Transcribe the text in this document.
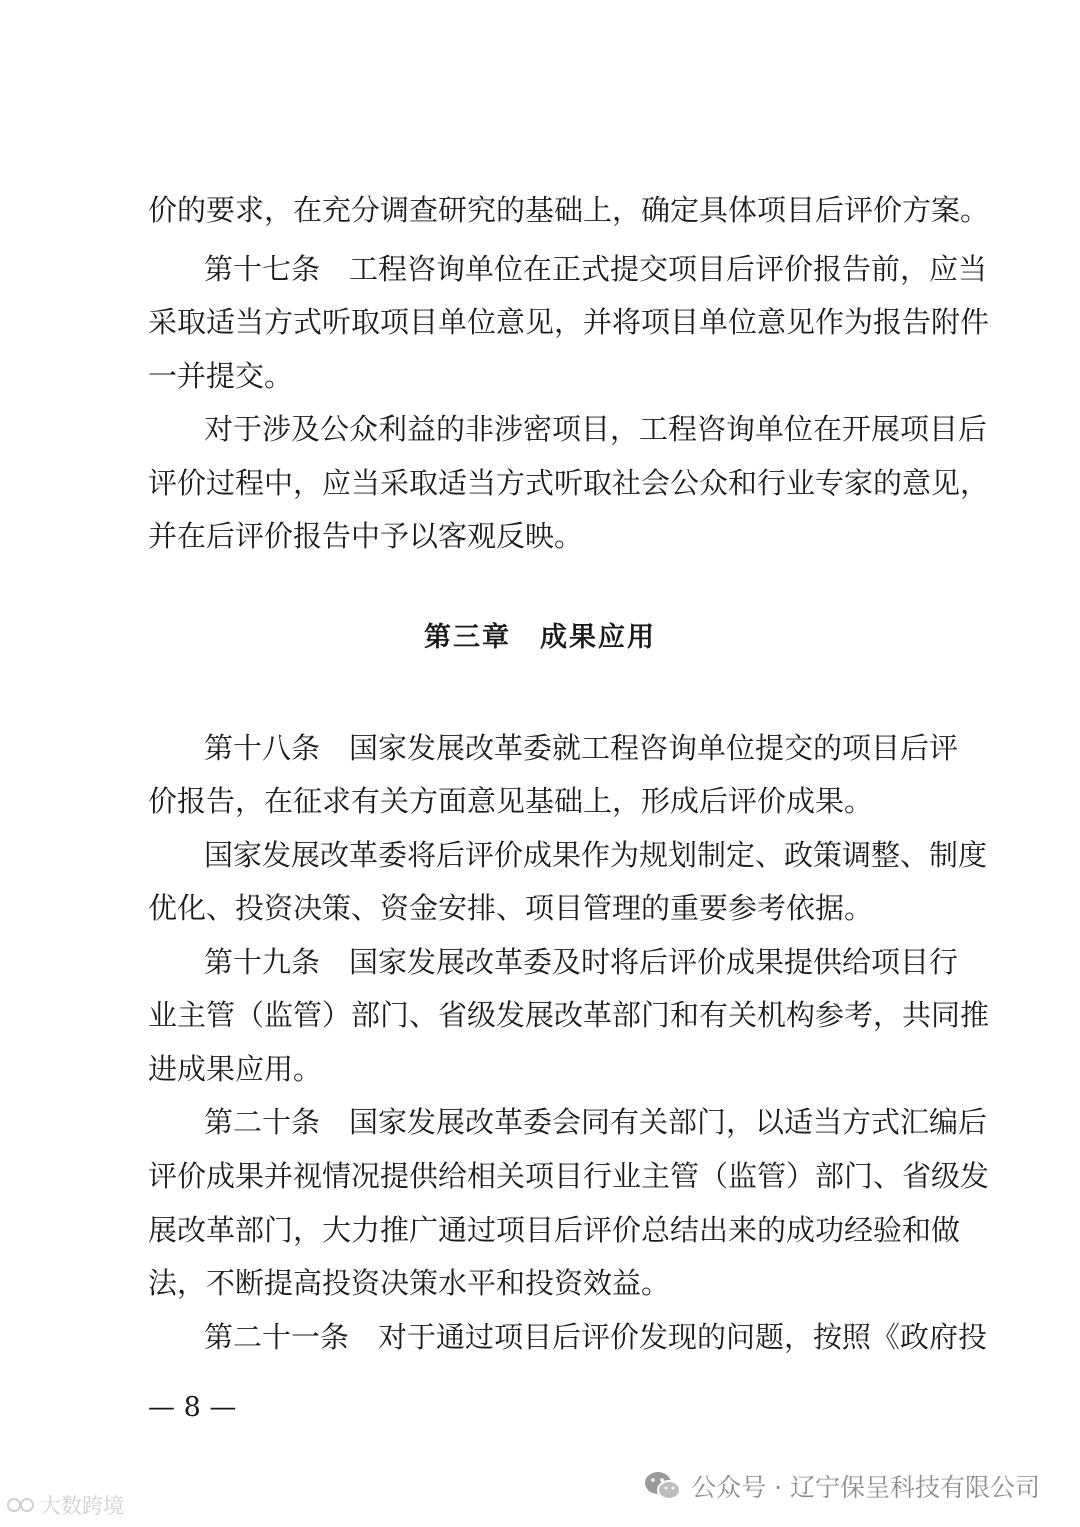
价的要求，在充分调查研究的基础上，确定具体项目后评价方案。
第十七条　工程咨询单位在正式提交项目后评价报告前，应当
采取适当方式听取项目单位意见，并将项目单位意见作为报告附件
一并提交。
对于涉及公众利益的非涉密项目，工程咨询单位在开展项目后
评价过程中，应当采取适当方式听取社会公众和行业专家的意见，
并在后评价报告中予以客观反映。
第三章　成果应用
第十八条　国家发展改革委就工程咨询单位提交的项目后评
价报告，在征求有关方面意见基础上，形成后评价成果。
国家发展改革委将后评价成果作为规划制定、政策调整、制度
优化、投资决策、资金安排、项目管理的重要参考依据。
第十九条　国家发展改革委及时将后评价成果提供给项目行
业主管（监管）部门、省级发展改革部门和有关机构参考，共同推
进成果应用。
第二十条　国家发展改革委会同有关部门，以适当方式汇编后
评价成果并视情况提供给相关项目行业主管（监管）部门、省级发
展改革部门，大力推广通过项目后评价总结出来的成功经验和做
法，不断提高投资决策水平和投资效益。
第二十一条　对于通过项目后评价发现的问题，按照《政府投
— 8 —
公众号 · 辽宁保呈科技有限公司
大数跨境
